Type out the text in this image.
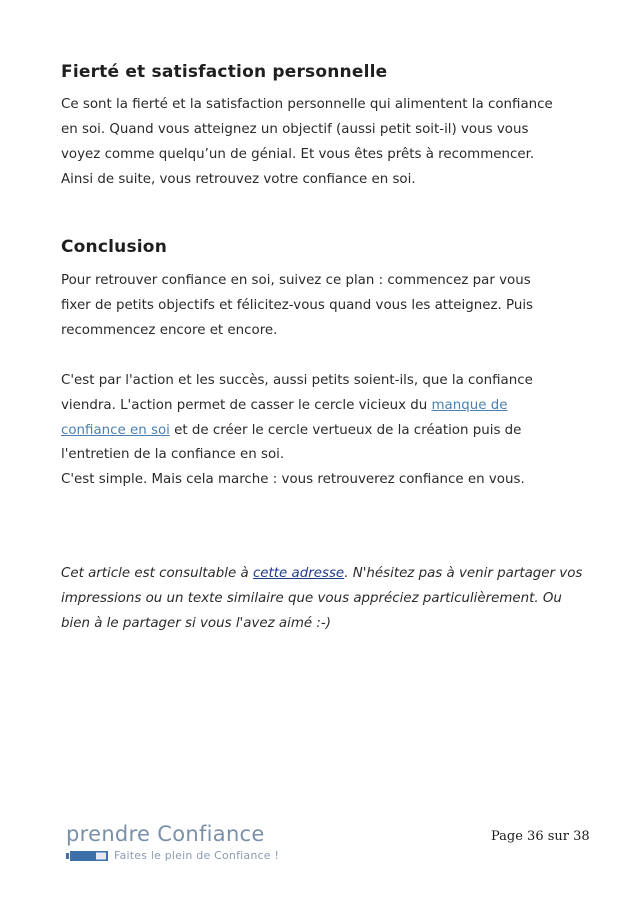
Fierté et satisfaction personnelle

Ce sont la fierté et la satisfaction personnelle qui alimentent la confiance
en soi. Quand vous atteignez un objectif (aussi petit soit-il) vous vous
voyez comme quelqu’un de génial. Et vous êtes prêts à recommencer.
Ainsi de suite, vous retrouvez votre confiance en soi.

Conclusion

Pour retrouver confiance en soi, suivez ce plan : commencez par vous
fixer de petits objectifs et félicitez-vous quand vous les atteignez. Puis
recommencez encore et encore.

C'est par l'action et les succès, aussi petits soient-ils, que la confiance
viendra. L'action permet de casser le cercle vicieux du manque de
confiance en soi et de créer le cercle vertueux de la création puis de
l'entretien de la confiance en soi.
C'est simple. Mais cela marche : vous retrouverez confiance en vous.

Cet article est consultable à cette adresse. N'hésitez pas à venir partager vos
impressions ou un texte similaire que vous appréciez particulièrement. Ou
bien à le partager si vous l'avez aimé :-)

prendre Confiance
Faites le plein de Confiance !
Page 36 sur 38
